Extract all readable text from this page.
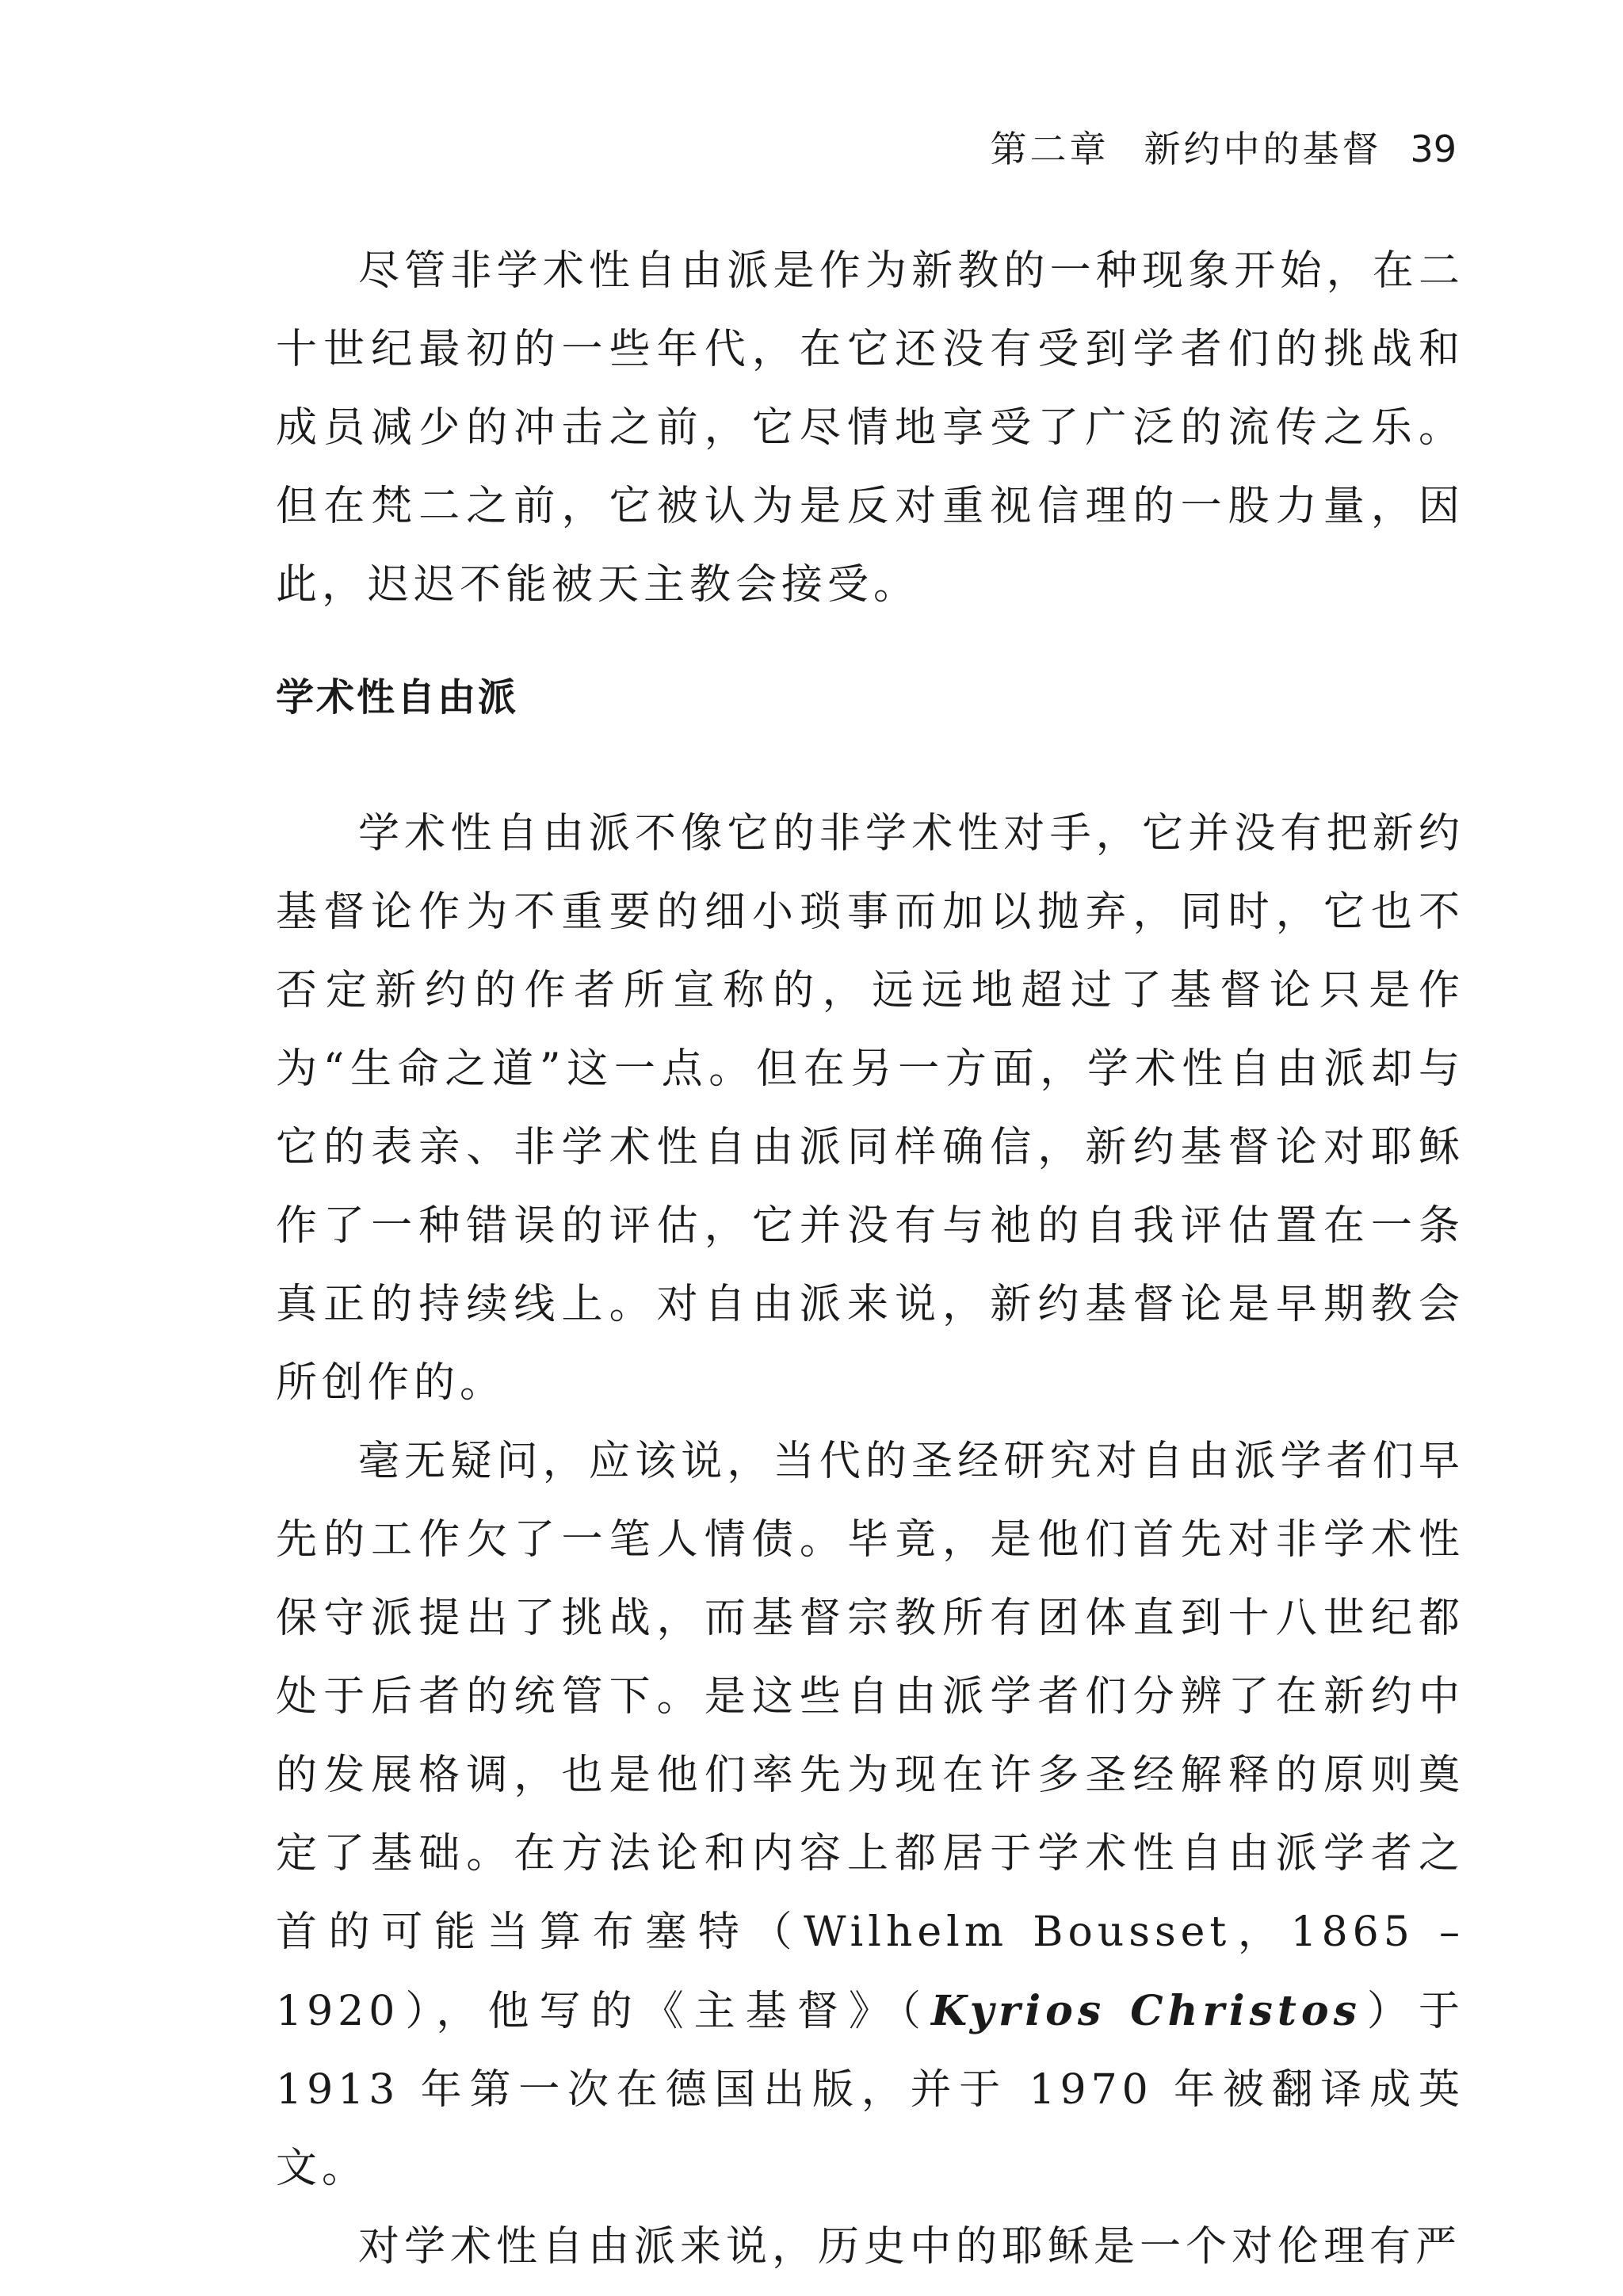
第二章 新约中的基督 39

尽管非学术性自由派是作为新教的一种现象开始，在二十世纪最初的一些年代，在它还没有受到学者们的挑战和成员减少的冲击之前，它尽情地享受了广泛的流传之乐。但在梵二之前，它被认为是反对重视信理的一股力量，因此，迟迟不能被天主教会接受。

学术性自由派

学术性自由派不像它的非学术性对手，它并没有把新约基督论作为不重要的细小琐事而加以抛弃，同时，它也不否定新约的作者所宣称的，远远地超过了基督论只是作为“生命之道”这一点。但在另一方面，学术性自由派却与它的表亲、非学术性自由派同样确信，新约基督论对耶稣作了一种错误的评估，它并没有与祂的自我评估置在一条真正的持续线上。对自由派来说，新约基督论是早期教会所创作的。

毫无疑问，应该说，当代的圣经研究对自由派学者们早先的工作欠了一笔人情债。毕竟，是他们首先对非学术性保守派提出了挑战，而基督宗教所有团体直到十八世纪都处于后者的统管下。是这些自由派学者们分辨了在新约中的发展格调，也是他们率先为现在许多圣经解释的原则奠定了基础。在方法论和内容上都居于学术性自由派学者之首的可能当算布塞特（Wilhelm Bousset，1865 – 1920），他写的《主基督》（Kyrios Christos）于 1913 年第一次在德国出版，并于 1970 年被翻译成英文。

对学术性自由派来说，历史中的耶稣是一个对伦理有严
